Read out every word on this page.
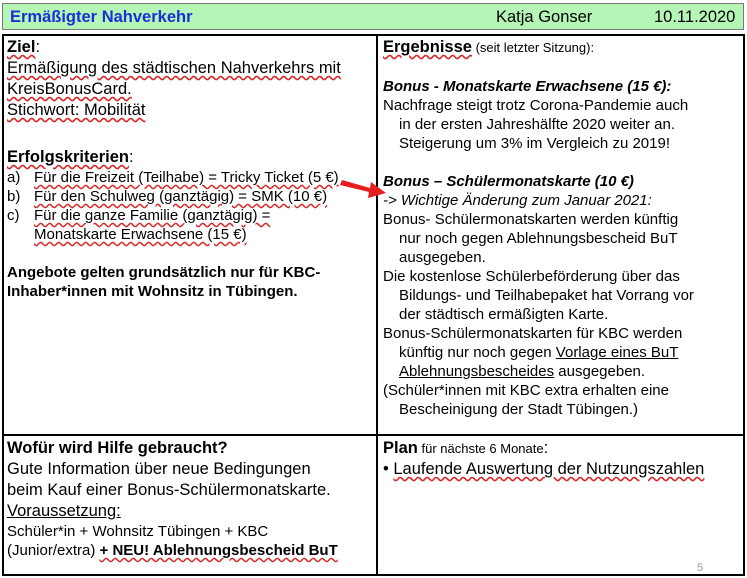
Ermäßigter Nahverkehr	Katja Gonser	10.11.2020
Ziel:
Ermäßigung des städtischen Nahverkehrs mit
KreisBonusCard.
Stichwort: Mobilität
Erfolgskriterien:
a) Für die Freizeit (Teilhabe) = Tricky Ticket (5 €)
b) Für den Schulweg (ganztägig) = SMK (10 €)
c) Für die ganze Familie (ganztägig) =
Monatskarte Erwachsene (15 €)
Angebote gelten grundsätzlich nur für KBC-
Inhaber*innen mit Wohnsitz in Tübingen.
Ergebnisse (seit letzter Sitzung):
Bonus - Monatskarte Erwachsene (15 €):
Nachfrage steigt trotz Corona-Pandemie auch
in der ersten Jahreshälfte 2020 weiter an.
Steigerung um 3% im Vergleich zu 2019!
Bonus – Schülermonatskarte (10 €)
-> Wichtige Änderung zum Januar 2021:
Bonus- Schülermonatskarten werden künftig
nur noch gegen Ablehnungsbescheid BuT
ausgegeben.
Die kostenlose Schülerbeförderung über das
Bildungs- und Teilhabepaket hat Vorrang vor
der städtisch ermäßigten Karte.
Bonus-Schülermonatskarten für KBC werden
künftig nur noch gegen Vorlage eines BuT
Ablehnungsbescheides ausgegeben.
(Schüler*innen mit KBC extra erhalten eine
Bescheinigung der Stadt Tübingen.)
Wofür wird Hilfe gebraucht?
Gute Information über neue Bedingungen
beim Kauf einer Bonus-Schülermonatskarte.
Voraussetzung:
Schüler*in + Wohnsitz Tübingen + KBC
(Junior/extra) + NEU! Ablehnungsbescheid BuT
Plan für nächste 6 Monate:
• Laufende Auswertung der Nutzungszahlen
5
